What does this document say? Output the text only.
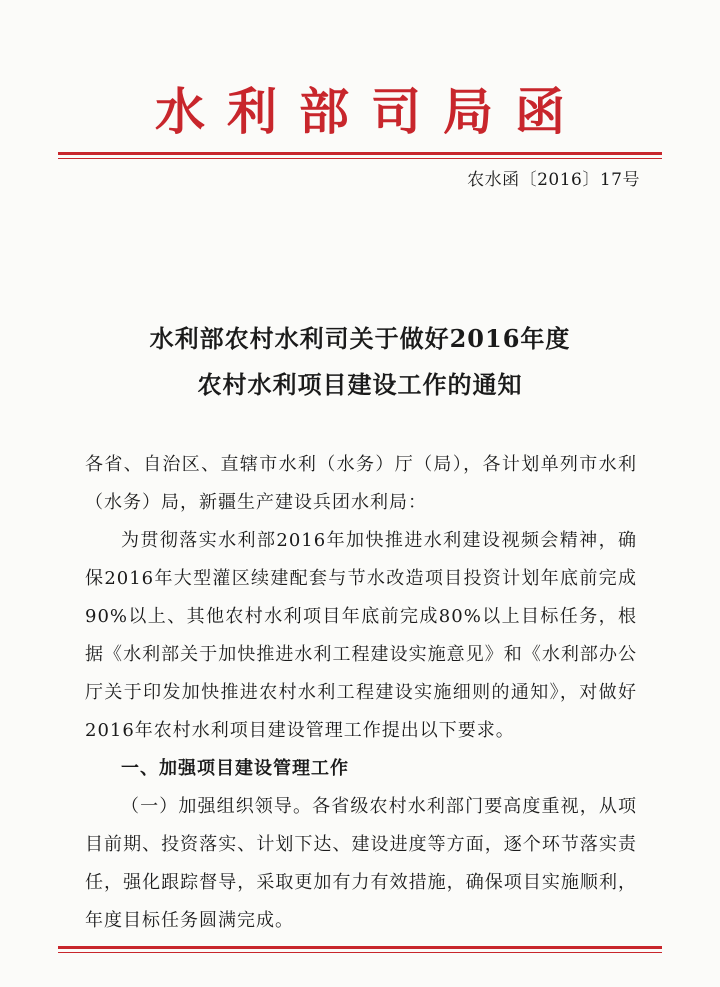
水利部司局函
农水函〔2016〕17号
水利部农村水利司关于做好2016年度
农村水利项目建设工作的通知

各省、自治区、直辖市水利（水务）厅（局），各计划单列市水利（水务）局，新疆生产建设兵团水利局：

为贯彻落实水利部2016年加快推进水利建设视频会精神，确保2016年大型灌区续建配套与节水改造项目投资计划年底前完成90%以上、其他农村水利项目年底前完成80%以上目标任务，根据《水利部关于加快推进水利工程建设实施意见》和《水利部办公厅关于印发加快推进农村水利工程建设实施细则的通知》，对做好2016年农村水利项目建设管理工作提出以下要求。

一、加强项目建设管理工作

（一）加强组织领导。各省级农村水利部门要高度重视，从项目前期、投资落实、计划下达、建设进度等方面，逐个环节落实责任，强化跟踪督导，采取更加有力有效措施，确保项目实施顺利，年度目标任务圆满完成。
